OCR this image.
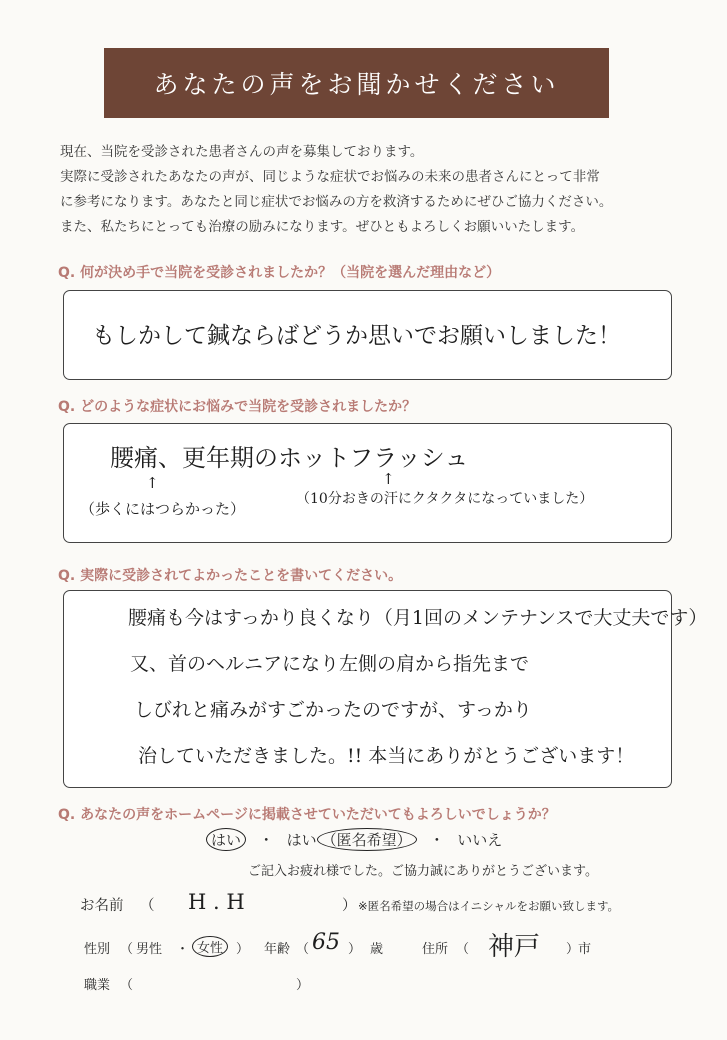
あなたの声をお聞かせください
現在、当院を受診された患者さんの声を募集しております。
実際に受診されたあなたの声が、同じような症状でお悩みの未来の患者さんにとって非常
に参考になります。あなたと同じ症状でお悩みの方を救済するためにぜひご協力ください。
また、私たちにとっても治療の励みになります。ぜひともよろしくお願いいたします。
Q. 何が決め手で当院を受診されましたか？（当院を選んだ理由など）
もしかして鍼ならばどうか思いでお願いしました！
Q. どのような症状にお悩みで当院を受診されましたか？
腰痛、更年期のホットフラッシュ
↑	↑
（歩くにはつらかった）
（10分おきの汗にクタクタになっていました）
Q. 実際に受診されてよかったことを書いてください。
腰痛も今はすっかり良くなり（月1回のメンテナンスで大丈夫です）
又、首のヘルニアになり左側の肩から指先まで
しびれと痛みがすごかったのですが、すっかり
治していただきました。!! 本当にありがとうございます！
Q. あなたの声をホームページに掲載させていただいてもよろしいでしょうか？
はい ・ はい （匿名希望） ・ いいえ
ご記入お疲れ様でした。ご協力誠にありがとうございます。
お名前 （ H . H	） ※匿名希望の場合はイニシャルをお願い致します。
性別 （ 男性 ・ 女性 ） 年齢 （ 65 ） 歳	住所 （ 神戸 ）
市
職業 （	）
